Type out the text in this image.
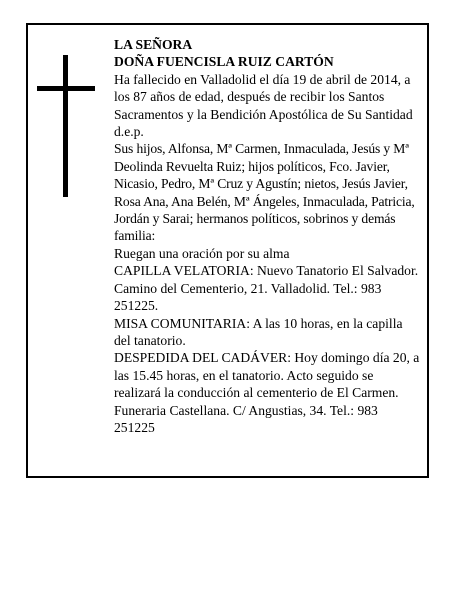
LA SEÑORA

DOÑA FUENCISLA RUIZ CARTÓN

Ha fallecido en Valladolid el día 19 de abril de 2014, a los 87 años de edad, después de recibir los Santos Sacramentos y la Bendición Apostólica de Su Santidad d.e.p.

Sus hijos, Alfonsa, Mª Carmen, Inmaculada, Jesús y Mª Deolinda Revuelta Ruiz; hijos políticos, Fco. Javier, Nicasio, Pedro, Mª Cruz y Agustín; nietos, Jesús Javier, Rosa Ana, Ana Belén, Mª Ángeles, Inmaculada, Patricia, Jordán y Sarai; hermanos políticos, sobrinos y demás familia:

Ruegan una oración por su alma

CAPILLA VELATORIA: Nuevo Tanatorio El Salvador. Camino del Cementerio, 21. Valladolid. Tel.: 983 251225.

MISA COMUNITARIA: A las 10 horas, en la capilla del tanatorio.

DESPEDIDA DEL CADÁVER: Hoy domingo día 20, a las 15.45 horas, en el tanatorio. Acto seguido se realizará la conducción al cementerio de El Carmen.

Funeraria Castellana. C/ Angustias, 34. Tel.: 983 251225
